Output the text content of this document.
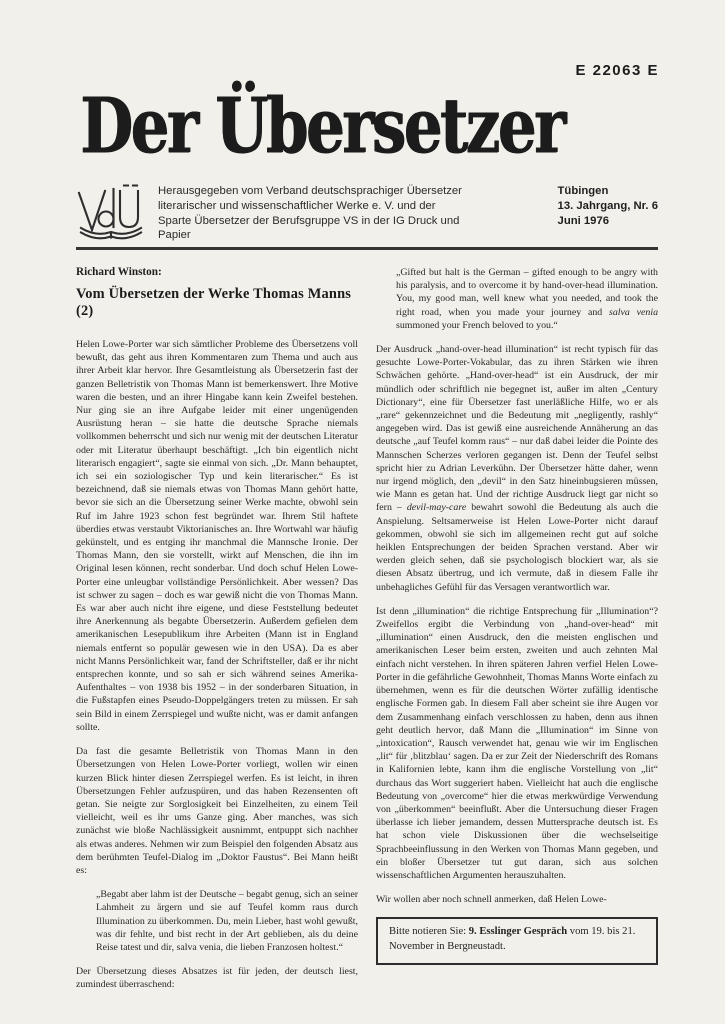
E 22063 E
Der Übersetzer
Herausgegeben vom Verband deutschsprachiger Übersetzer
literarischer und wissenschaftlicher Werke e. V. und der
Sparte Übersetzer der Berufsgruppe VS in der IG Druck und Papier
Tübingen
13. Jahrgang, Nr. 6
Juni 1976

Richard Winston:

Vom Übersetzen der Werke Thomas Manns (2)

Helen Lowe-Porter war sich sämtlicher Probleme des Übersetzens voll bewußt, das geht aus ihren Kommentaren zum Thema und auch aus ihrer Arbeit klar hervor. Ihre Gesamtleistung als Übersetzerin fast der ganzen Belletristik von Thomas Mann ist bemerkenswert. Ihre Motive waren die besten, und an ihrer Hingabe kann kein Zweifel bestehen. Nur ging sie an ihre Aufgabe leider mit einer ungenügenden Ausrüstung heran – sie hatte die deutsche Sprache niemals vollkommen beherrscht und sich nur wenig mit der deutschen Literatur oder mit Literatur überhaupt beschäftigt. „Ich bin eigentlich nicht literarisch engagiert“, sagte sie einmal von sich. „Dr. Mann behauptet, ich sei ein soziologischer Typ und kein literarischer.“ Es ist bezeichnend, daß sie niemals etwas von Thomas Mann gehört hatte, bevor sie sich an die Übersetzung seiner Werke machte, obwohl sein Ruf im Jahre 1923 schon fest begründet war. Ihrem Stil haftete überdies etwas verstaubt Viktorianisches an. Ihre Wortwahl war häufig gekünstelt, und es entging ihr manchmal die Mannsche Ironie. Der Thomas Mann, den sie vorstellt, wirkt auf Menschen, die ihn im Original lesen können, recht sonderbar. Und doch schuf Helen Lowe-Porter eine unleugbar vollständige Persönlichkeit. Aber wessen? Das ist schwer zu sagen – doch es war gewiß nicht die von Thomas Mann. Es war aber auch nicht ihre eigene, und diese Feststellung bedeutet ihre Anerkennung als begabte Übersetzerin. Außerdem gefielen dem amerikanischen Lesepublikum ihre Arbeiten (Mann ist in England niemals entfernt so populär gewesen wie in den USA). Da es aber nicht Manns Persönlichkeit war, fand der Schriftsteller, daß er ihr nicht entsprechen konnte, und so sah er sich während seines Amerika-Aufenthaltes – von 1938 bis 1952 – in der sonderbaren Situation, in die Fußstapfen eines Pseudo-Doppelgängers treten zu müssen. Er sah sein Bild in einem Zerrspiegel und wußte nicht, was er damit anfangen sollte.

Da fast die gesamte Belletristik von Thomas Mann in den Übersetzungen von Helen Lowe-Porter vorliegt, wollen wir einen kurzen Blick hinter diesen Zerrspiegel werfen. Es ist leicht, in ihren Übersetzungen Fehler aufzuspüren, und das haben Rezensenten oft getan. Sie neigte zur Sorglosigkeit bei Einzelheiten, zu einem Teil vielleicht, weil es ihr ums Ganze ging. Aber manches, was sich zunächst wie bloße Nachlässigkeit ausnimmt, entpuppt sich nachher als etwas anderes. Nehmen wir zum Beispiel den folgenden Absatz aus dem berühmten Teufel-Dialog im „Doktor Faustus“. Bei Mann heißt es:

„Begabt aber lahm ist der Deutsche – begabt genug, sich an seiner Lahmheit zu ärgern und sie auf Teufel komm raus durch Illumination zu überkommen. Du, mein Lieber, hast wohl gewußt, was dir fehlte, und bist recht in der Art geblieben, als du deine Reise tatest und dir, salva venia, die lieben Franzosen holtest.“

Der Übersetzung dieses Absatzes ist für jeden, der deutsch liest, zumindest überraschend:

„Gifted but halt is the German – gifted enough to be angry with his paralysis, and to overcome it by hand-over-head illumination. You, my good man, well knew what you needed, and took the right road, when you made your journey and salva venia summoned your French beloved to you.“

Der Ausdruck „hand-over-head illumination“ ist recht typisch für das gesuchte Lowe-Porter-Vokabular, das zu ihren Stärken wie ihren Schwächen gehörte. „Hand-over-head“ ist ein Ausdruck, der mir mündlich oder schriftlich nie begegnet ist, außer im alten „Century Dictionary“, eine für Übersetzer fast unerläßliche Hilfe, wo er als „rare“ gekennzeichnet und die Bedeutung mit „negligently, rashly“ angegeben wird. Das ist gewiß eine ausreichende Annäherung an das deutsche „auf Teufel komm raus“ – nur daß dabei leider die Pointe des Mannschen Scherzes verloren gegangen ist. Denn der Teufel selbst spricht hier zu Adrian Leverkühn. Der Übersetzer hätte daher, wenn nur irgend möglich, den „devil“ in den Satz hineinbugsieren müssen, wie Mann es getan hat. Und der richtige Ausdruck liegt gar nicht so fern – devil-may-care bewahrt sowohl die Bedeutung als auch die Anspielung. Seltsamerweise ist Helen Lowe-Porter nicht darauf gekommen, obwohl sie sich im allgemeinen recht gut auf solche heiklen Entsprechungen der beiden Sprachen verstand. Aber wir werden gleich sehen, daß sie psychologisch blockiert war, als sie diesen Absatz übertrug, und ich vermute, daß in diesem Falle ihr unbehagliches Gefühl für das Versagen verantwortlich war.

Ist denn „illumination“ die richtige Entsprechung für „Illumination“? Zweifellos ergibt die Verbindung von „hand-over-head“ mit „illumination“ einen Ausdruck, den die meisten englischen und amerikanischen Leser beim ersten, zweiten und auch zehnten Mal einfach nicht verstehen. In ihren späteren Jahren verfiel Helen Lowe-Porter in die gefährliche Gewohnheit, Thomas Manns Worte einfach zu übernehmen, wenn es für die deutschen Wörter zufällig identische englische Formen gab. In diesem Fall aber scheint sie ihre Augen vor dem Zusammenhang einfach verschlossen zu haben, denn aus ihnen geht deutlich hervor, daß Mann die „Illumination“ im Sinne von „intoxication“, Rausch verwendet hat, genau wie wir im Englischen „lit“ für ‚blitzblau‘ sagen. Da er zur Zeit der Niederschrift des Romans in Kalifornien lebte, kann ihm die englische Vorstellung von „lit“ durchaus das Wort suggeriert haben. Vielleicht hat auch die englische Bedeutung von „overcome“ hier die etwas merkwürdige Verwendung von „überkommen“ beeinflußt. Aber die Untersuchung dieser Fragen überlasse ich lieber jemandem, dessen Muttersprache deutsch ist. Es hat schon viele Diskussionen über die wechselseitige Sprachbeeinflussung in den Werken von Thomas Mann gegeben, und ein bloßer Übersetzer tut gut daran, sich aus solchen wissenschaftlichen Argumenten herauszuhalten.

Wir wollen aber noch schnell anmerken, daß Helen Lowe-

Bitte notieren Sie: 9. Esslinger Gespräch vom 19. bis 21. November in Bergneustadt.
